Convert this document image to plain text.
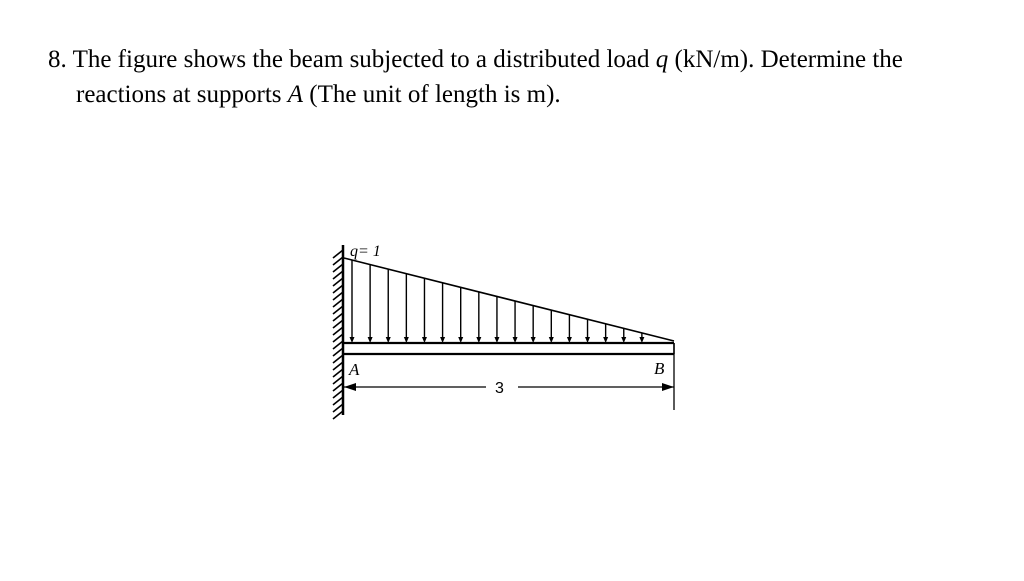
8. The figure shows the beam subjected to a distributed load q (kN/m). Determine the
reactions at supports A (The unit of length is m).
q= 1
A	B
3
